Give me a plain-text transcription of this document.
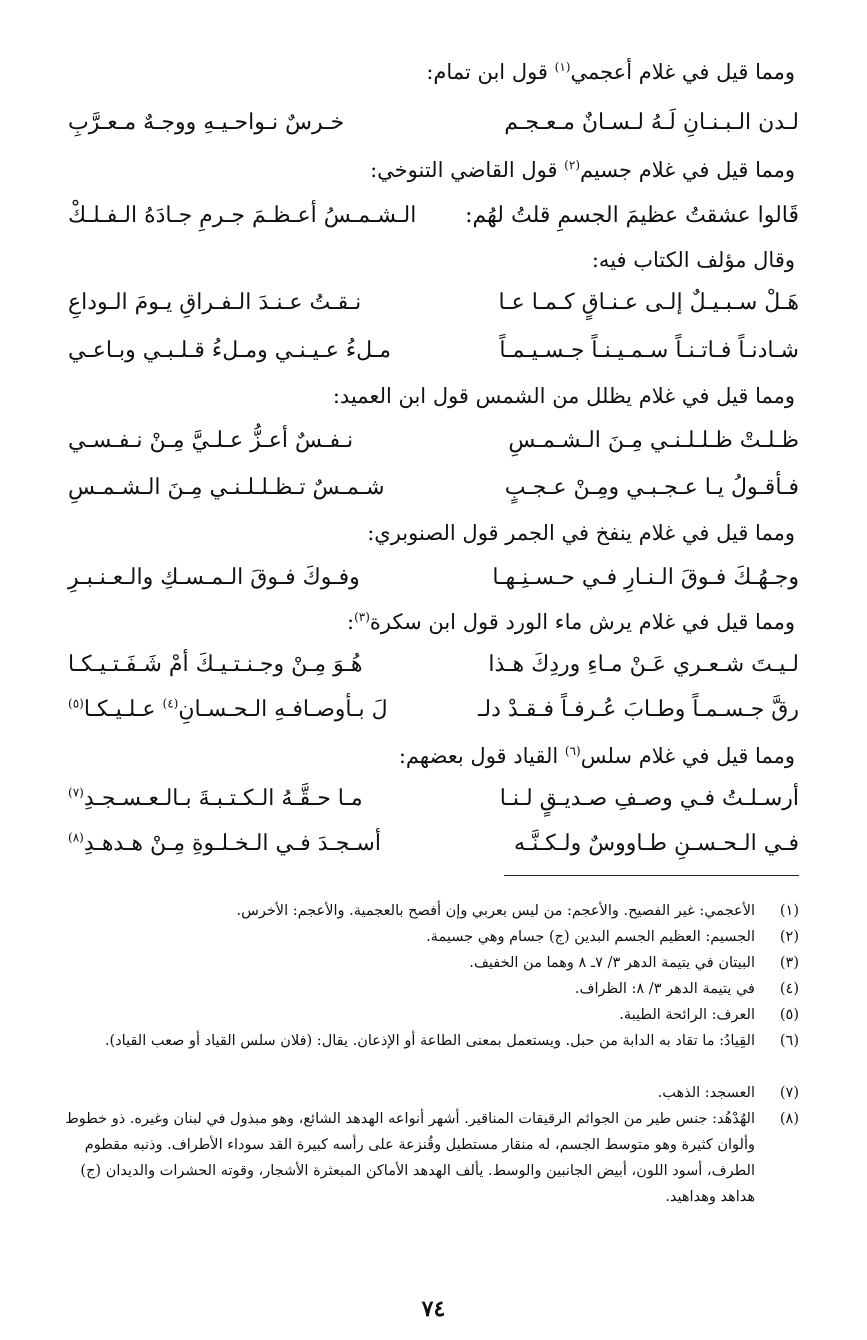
ومما قيل في غلام أعجمي$^{(١)}$ قول ابن تمام:
لـدن الـبـنـانِ لَـهُ لـسـانٌ مـعـجـم
خـرسٌ نـواحـيـهِ ووجـهٌ مـعـرَّبِ
ومما قيل في غلام جسيم$^{(٢)}$ قول القاضي التنوخي:
قَالوا عشقتُ عظيمَ الجسمِ قلتُ لهُم:
الـشـمـسُ أعـظـمَ جـرمِ جـادَهُ الـفـلـكْ
وقال مؤلف الكتاب فيه:
هَـلْ سـبـيـلٌ إلـى عـنـاقٍ كـمـا عـا
نـقـتُ عـنـدَ الـفـراقِ يـومَ الـوداعِ
شـادنـاً فـاتـنـاً سـمـيـنـاً جـسـيـمـاً
مـلءُ عـيـنـي ومـلءُ قـلـبـي وبـاعـي
ومما قيل في غلام يظلل من الشمس قول ابن العميد:
ظـلـتْ ظـلـلـنـي مِـنَ الـشـمـسِ
نـفـسٌ أعـزُّ عـلـيَّ مِـنْ نـفـسـي
فـأقـولُ يـا عـجـبـي ومِـنْ عـجـبٍ
شـمـسٌ تـظـلـلـنـي مِـنَ الـشـمـسِ
ومما قيل في غلام ينفخ في الجمر قول الصنوبري:
وجـهُـكَ فـوقَ الـنـارِ فـي حـسـنِـهـا
وفـوكَ فـوقَ الـمـسـكِ والـعـنـبـرِ
ومما قيل في غلام يرش ماء الورد قول ابن سكرة$^{(٣)}$:
لـيـتَ شـعـري عَـنْ مـاءِ وردِكَ هـذا
هُـوَ مِـنْ وجـنـتـيـكَ أمْ شَـفَـتـيـكـا
رقَّ جـسـمـاً وطـابَ عُـرفـاً فـقـدْ دلـ
لَ بـأوصـافـهِ الـحـسـانِ$^{(٤)}$ عـلـيـكـا$^{(٥)}$
ومما قيل في غلام سلس$^{(٦)}$ القياد قول بعضهم:
أرسـلـتُ فـي وصـفِ صـديـقٍ لـنـا
مـا حـقَّـهُ الـكـتـبـةَ بـالـعـسـجـدِ$^{(٧)}$
فـي الـحـسـنِ طـاووسٌ ولـكـنَّـه
أسـجـدَ فـي الـخـلـوةِ مِـنْ هـدهـدِ$^{(٨)}$
(١)
الأعجمي: غير الفصيح. والأعجم: من ليس بعربي وإن أفصح بالعجمية. والأعجم: الأخرس.
(٢)
الجسيم: العظيم الجسم البدين (ج) جسام وهي جسيمة.
(٣)
البيتان في يتيمة الدهر ٣/ ٧ـ ٨ وهما من الخفيف.
(٤)
في يتيمة الدهر ٣/ ٨: الظراف.
(٥)
العرف: الرائحة الطيبة.
(٦)
القِيادُ: ما تقاد به الدابة من حبل. ويستعمل بمعنى الطاعة أو الإذعان. يقال: (فلان سلس القياد أو صعب القياد).
(٧)
العسجد: الذهب.
(٨)
الهُدْهُد: جنس طير من الجوائم الرقيقات المناقير. أشهر أنواعه الهدهد الشائع، وهو مبذول في لبنان وغيره. ذو خطوط وألوان كثيرة وهو متوسط الجسم، له منقار مستطيل وقُنزعة على رأسه كبيرة القد سوداء الأطراف. وذنبه مقطوم الطرف، أسود اللون، أبيض الجانبين والوسط. يألف الهدهد الأماكن المبعثرة الأشجار، وقوته الحشرات والديدان (ج) هداهد وهداهيد.
٧٤
